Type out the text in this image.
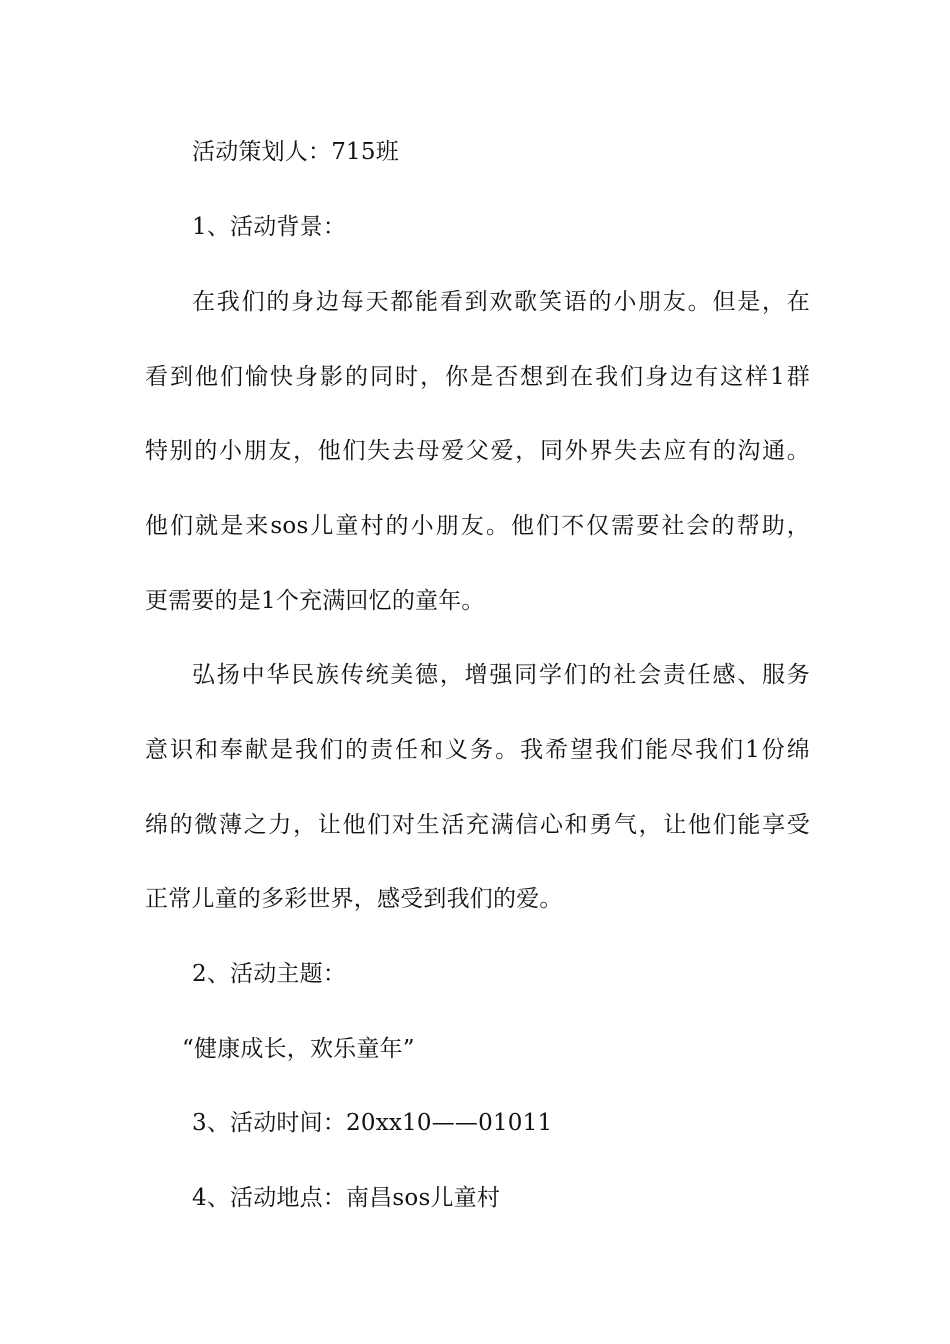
活动策划人：715班
1、活动背景：
在我们的身边每天都能看到欢歌笑语的小朋友。但是，在
看到他们愉快身影的同时，你是否想到在我们身边有这样1群
特别的小朋友，他们失去母爱父爱，同外界失去应有的沟通。
他们就是来sos儿童村的小朋友。他们不仅需要社会的帮助，
更需要的是1个充满回忆的童年。
弘扬中华民族传统美德，增强同学们的社会责任感、服务
意识和奉献是我们的责任和义务。我希望我们能尽我们1份绵
绵的微薄之力，让他们对生活充满信心和勇气，让他们能享受
正常儿童的多彩世界，感受到我们的爱。
2、活动主题：
“健康成长，欢乐童年”
3、活动时间：20xx10——01011
4、活动地点：南昌sos儿童村
